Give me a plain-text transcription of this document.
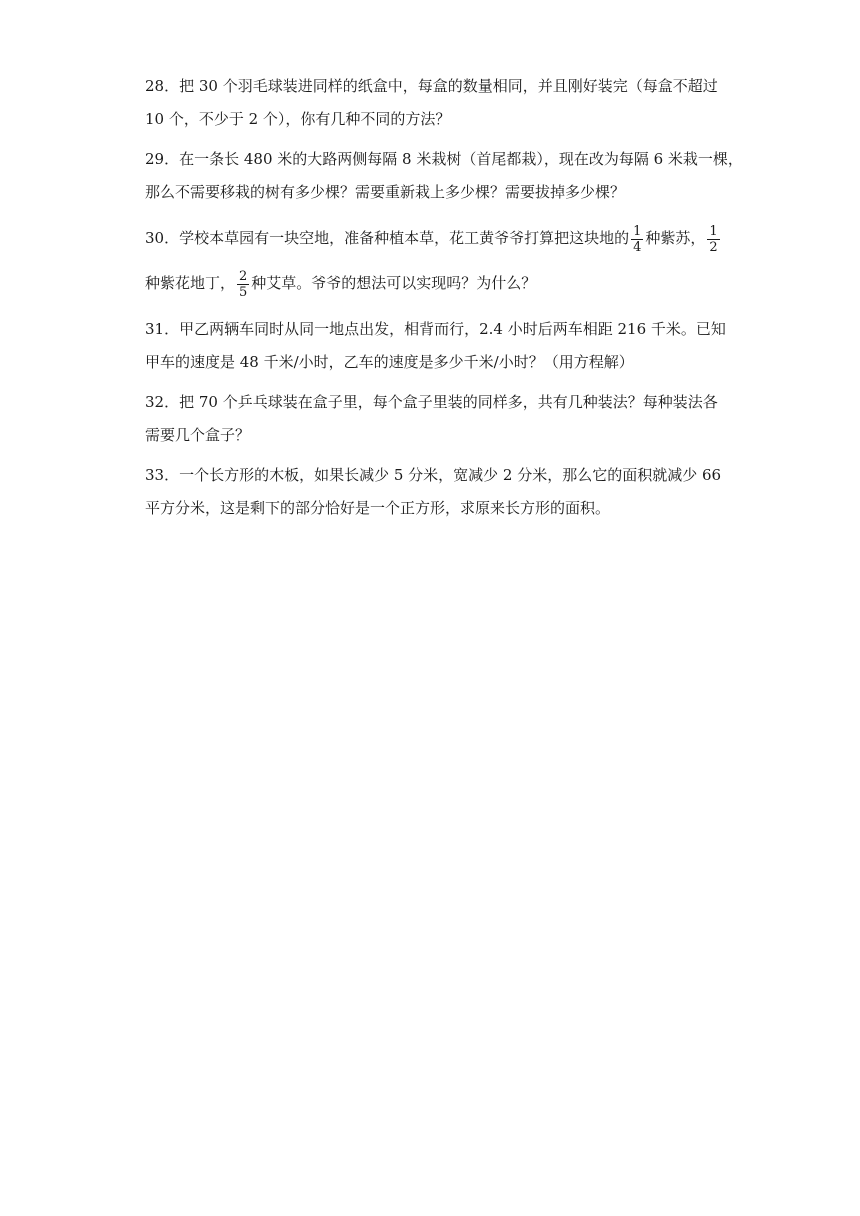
28．把 30 个羽毛球装进同样的纸盒中，每盒的数量相同，并且刚好装完（每盒不超过
10 个，不少于 2 个），你有几种不同的方法？
29．在一条长 480 米的大路两侧每隔 8 米栽树（首尾都栽），现在改为每隔 6 米栽一棵，
那么不需要移栽的树有多少棵？需要重新栽上多少棵？需要拔掉多少棵？
30．学校本草园有一块空地，准备种植本草，花工黄爷爷打算把这块地的 $\frac{1}{4}$ 种紫苏， $\frac{1}{2}$
种紫花地丁， $\frac{2}{5}$ 种艾草。爷爷的想法可以实现吗？为什么？
31．甲乙两辆车同时从同一地点出发，相背而行，2.4 小时后两车相距 216 千米。已知
甲车的速度是 48 千米/小时，乙车的速度是多少千米/小时？（用方程解）
32．把 70 个乒乓球装在盒子里，每个盒子里装的同样多，共有几种装法？每种装法各
需要几个盒子？
33．一个长方形的木板，如果长减少 5 分米，宽减少 2 分米，那么它的面积就减少 66
平方分米，这是剩下的部分恰好是一个正方形，求原来长方形的面积。
